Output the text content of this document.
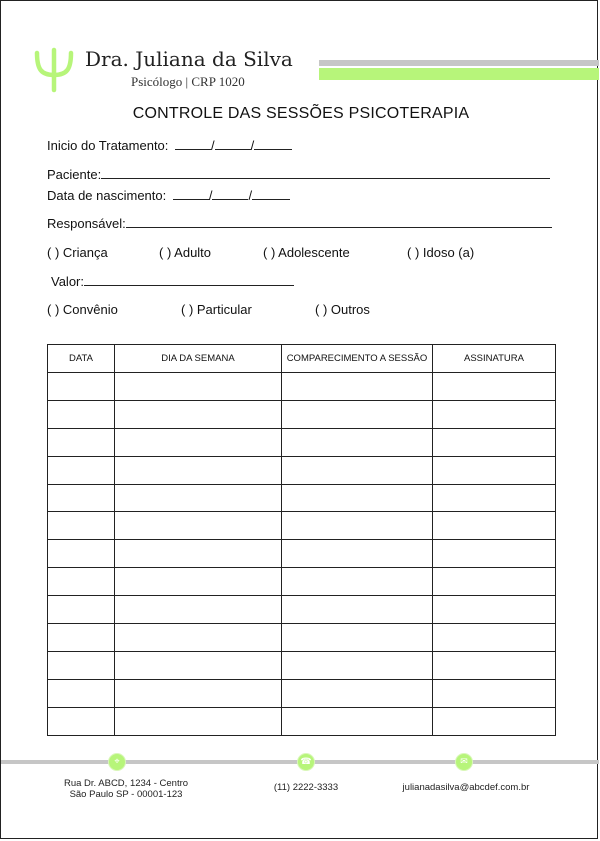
Dra. Juliana da Silva
Psicólogo | CRP 1020
CONTROLE DAS SESSÕES PSICOTERAPIA
Inicio do Tratamento:	/	/
Paciente:
Data de nascimento:	/	/
Responsável:
( ) Criança	( ) Adulto	( ) Adolescente	( ) Idoso (a)
Valor:
( ) Convênio	( ) Particular	( ) Outros
DATA	DIA DA SEMANA	COMPARECIMENTO A SESSÃO	ASSINATURA

⌖	☎	✉
Rua Dr. ABCD, 1234 - Centro
São Paulo SP - 00001-123
(11) 2222-3333	julianadasilva@abcdef.com.br
